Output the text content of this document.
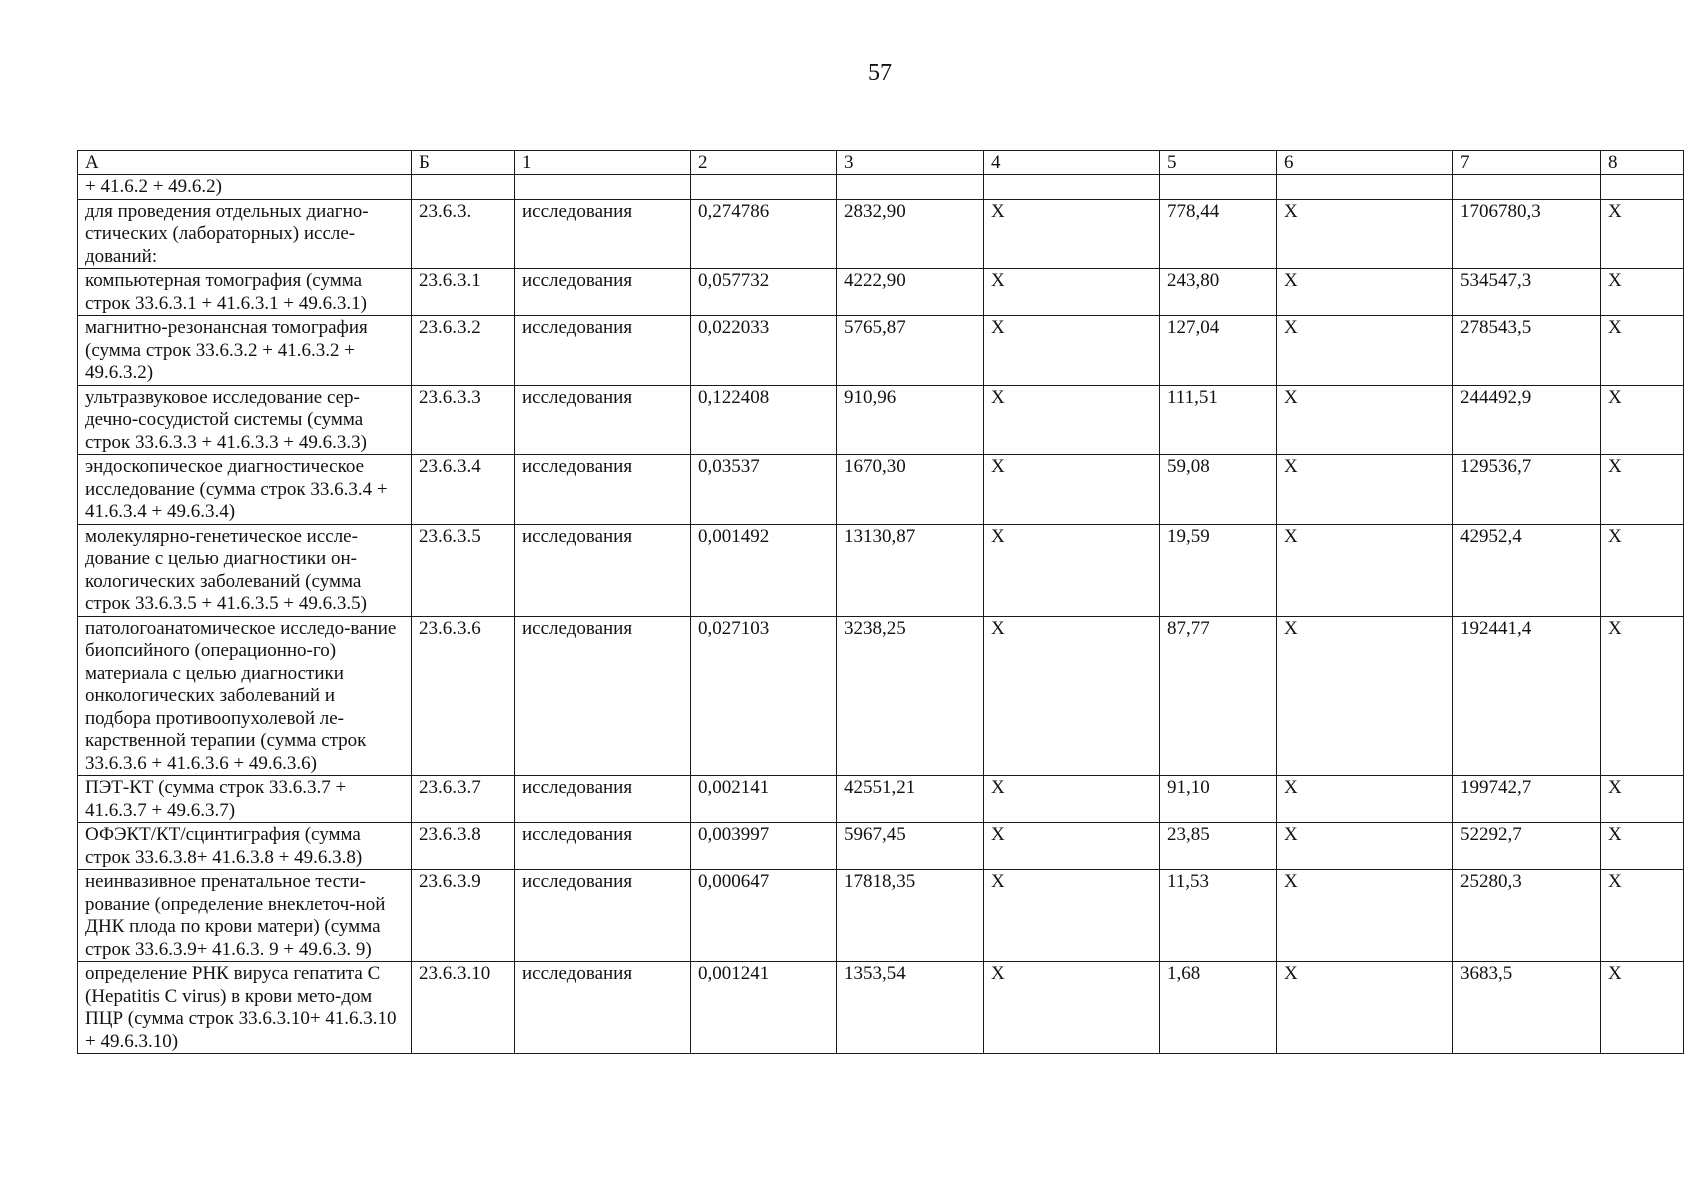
57
А	Б	1	2	3	4	5	6	7	8
+ 41.6.2 + 49.6.2)									
для проведения отдельных диагно-стических (лабораторных) иссле-дований:	23.6.3.	исследования	0,274786	2832,90	Х	778,44	Х	1706780,3	Х
компьютерная томография (сумма строк 33.6.3.1 + 41.6.3.1 + 49.6.3.1)	23.6.3.1	исследования	0,057732	4222,90	Х	243,80	Х	534547,3	Х
магнитно-резонансная томография (сумма строк 33.6.3.2 + 41.6.3.2 + 49.6.3.2)	23.6.3.2	исследования	0,022033	5765,87	Х	127,04	Х	278543,5	Х
ультразвуковое исследование сер-дечно-сосудистой системы (сумма строк 33.6.3.3 + 41.6.3.3 + 49.6.3.3)	23.6.3.3	исследования	0,122408	910,96	Х	111,51	Х	244492,9	Х
эндоскопическое диагностическое исследование (сумма строк 33.6.3.4 + 41.6.3.4 + 49.6.3.4)	23.6.3.4	исследования	0,03537	1670,30	Х	59,08	Х	129536,7	Х
молекулярно-генетическое иссле-дование с целью диагностики он-кологических заболеваний (сумма строк 33.6.3.5 + 41.6.3.5 + 49.6.3.5)	23.6.3.5	исследования	0,001492	13130,87	Х	19,59	Х	42952,4	Х
патологоанатомическое исследо-вание биопсийного (операционно-го) материала с целью диагностики онкологических заболеваний и подбора противоопухолевой ле-карственной терапии (сумма строк 33.6.3.6 + 41.6.3.6 + 49.6.3.6)	23.6.3.6	исследования	0,027103	3238,25	Х	87,77	Х	192441,4	Х
ПЭТ-КТ (сумма строк 33.6.3.7 + 41.6.3.7 + 49.6.3.7)	23.6.3.7	исследования	0,002141	42551,21	Х	91,10	Х	199742,7	Х
ОФЭКТ/КТ/сцинтиграфия (сумма строк 33.6.3.8+ 41.6.3.8 + 49.6.3.8)	23.6.3.8	исследования	0,003997	5967,45	Х	23,85	Х	52292,7	Х
неинвазивное пренатальное тести-рование (определение внеклеточ-ной ДНК плода по крови матери) (сумма строк 33.6.3.9+ 41.6.3. 9 + 49.6.3. 9)	23.6.3.9	исследования	0,000647	17818,35	Х	11,53	Х	25280,3	Х
определение РНК вируса гепатита С (Hepatitis C virus) в крови мето-дом ПЦР (сумма строк 33.6.3.10+ 41.6.3.10 + 49.6.3.10)	23.6.3.10	исследования	0,001241	1353,54	Х	1,68	Х	3683,5	Х
